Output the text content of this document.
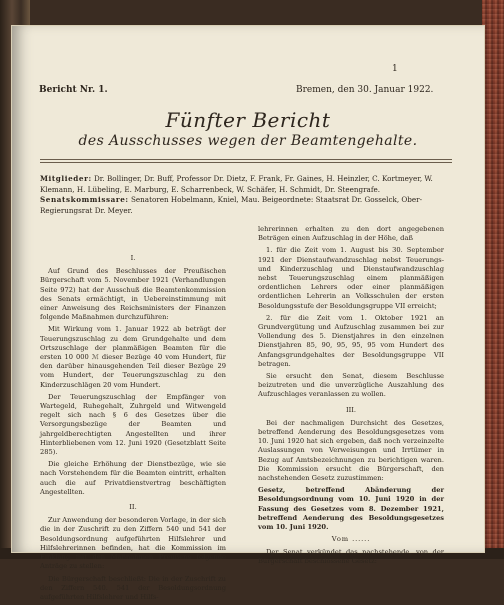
1
Bericht Nr. 1.	Bremen, den 30. Januar 1922.
Fünfter Bericht
des Ausschusses wegen der Beamtengehalte.
Mitglieder: Dr. Bollinger, Dr. Buff, Professor Dr. Dietz, F. Frank, Fr. Gaines, H. Heinzler, C. Kortmeyer, W. Klemann, H. Lübeling, E. Marburg, E. Scharrenbeck, W. Schäfer, H. Schmidt, Dr. Steengrafe.
Senatskommissare: Senatoren Hobelmann, Kniel, Mau. Beigeordnete: Staatsrat Dr. Gosselck, Ober-Regierungsrat Dr. Meyer.

I.

Auf Grund des Beschlusses der Preußischen Bürgerschaft vom 5. November 1921 (Verhandlungen Seite 972) hat der Ausschuß die Beamtenkommission des Senats ermächtigt, in Uebereinstimmung mit einer Anweisung des Reichsministers der Finanzen folgende Maßnahmen durchzuführen:

Mit Wirkung vom 1. Januar 1922 ab beträgt der Teuerungszuschlag zu dem Grundgehalte und dem Ortszuschlage der planmäßigen Beamten für die ersten 10 000 ℳ dieser Bezüge 40 vom Hundert, für den darüber hinausgehenden Teil dieser Bezüge 29 vom Hundert, der Teuerungszuschlag zu den Kinderzuschlägen 20 vom Hundert.

Der Teuerungszuschlag der Empfänger von Wartegeld, Ruhegehalt, Zuhrgeld und Witwengeld regelt sich nach § 6 des Gesetzes über die Versorgungsbezüge der Beamten und jahrgeldberechtigten Angestellten und ihrer Hinterbliebenen vom 12. Juni 1920 (Gesetzblatt Seite 285).

Die gleiche Erhöhung der Dienstbezüge, wie sie nach Vorstehendem für die Beamten eintritt, erhalten auch die auf Privatdienstvertrag beschäftigten Angestellten.

II.

Zur Anwendung der besonderen Vorlage, in der sich die in der Zuschrift zu den Ziffern 540 und 541 der Besoldungsordnung aufgeführten Hilfslehrer und Hilfslehrerinnen befinden, hat die Kommission im Einklang mit den Maßnahmen Preußens folgende Anträge zu stellen:

Die Bürgerschaft beschließt: Die in der Zuschrift zu den Ziffern 540. 541 der Besoldungsordnung aufgeführten Hilfslehrer und Hilfs-

lehrerinnen erhalten zu den dort angegebenen Beträgen einen Aufzuschlag in der Höhe, daß

1. für die Zeit vom 1. August bis 30. September 1921 der Dienstaufwandzuschlag nebst Teuerungs- und Kinderzuschlag und Dienstaufwandzuschlag nebst Teuerungszuschlag einem planmäßigen ordentlichen Lehrers oder einer planmäßigen ordentlichen Lehrerin an Volksschulen der ersten Besoldungsstufe der Besoldungsgruppe VII erreicht;

2. für die Zeit vom 1. Oktober 1921 an Grundvergütung und Aufzuschlag zusammen bei zur Vollendung des 5. Dienstjahres in den einzelnen Dienstjahren 85, 90, 95, 95, 95 vom Hundert des Anfangsgrundgehaltes der Besoldungsgruppe VII betragen.

Sie ersucht den Senat, diesem Beschlusse beizutreten und die unverzügliche Auszahlung des Aufzuschlages veranlassen zu wollen.

III.

Bei der nachmaligen Durchsicht des Gesetzes, betreffend Aenderung des Besoldungsgesetzes vom 10. Juni 1920 hat sich ergeben, daß noch verzeinzelte Auslassungen von Verweisungen und Irrtümer in Bezug auf Amtsbezeichnungen zu berichtigen waren. Die Kommission ersucht die Bürgerschaft, den nachstehenden Gesetz zuzustimmen:

Gesetz, betreffend Abänderung der Besoldungsordnung vom 10. Juni 1920 in der Fassung des Gesetzes vom 8. Dezember 1921, betreffend Aenderung des Besoldungsgesetzes vom 10. Juni 1920.

Vom ......

Der Senat verkündet das nachstehende, von der Bürgerschaft beschlossene Gesetz:
